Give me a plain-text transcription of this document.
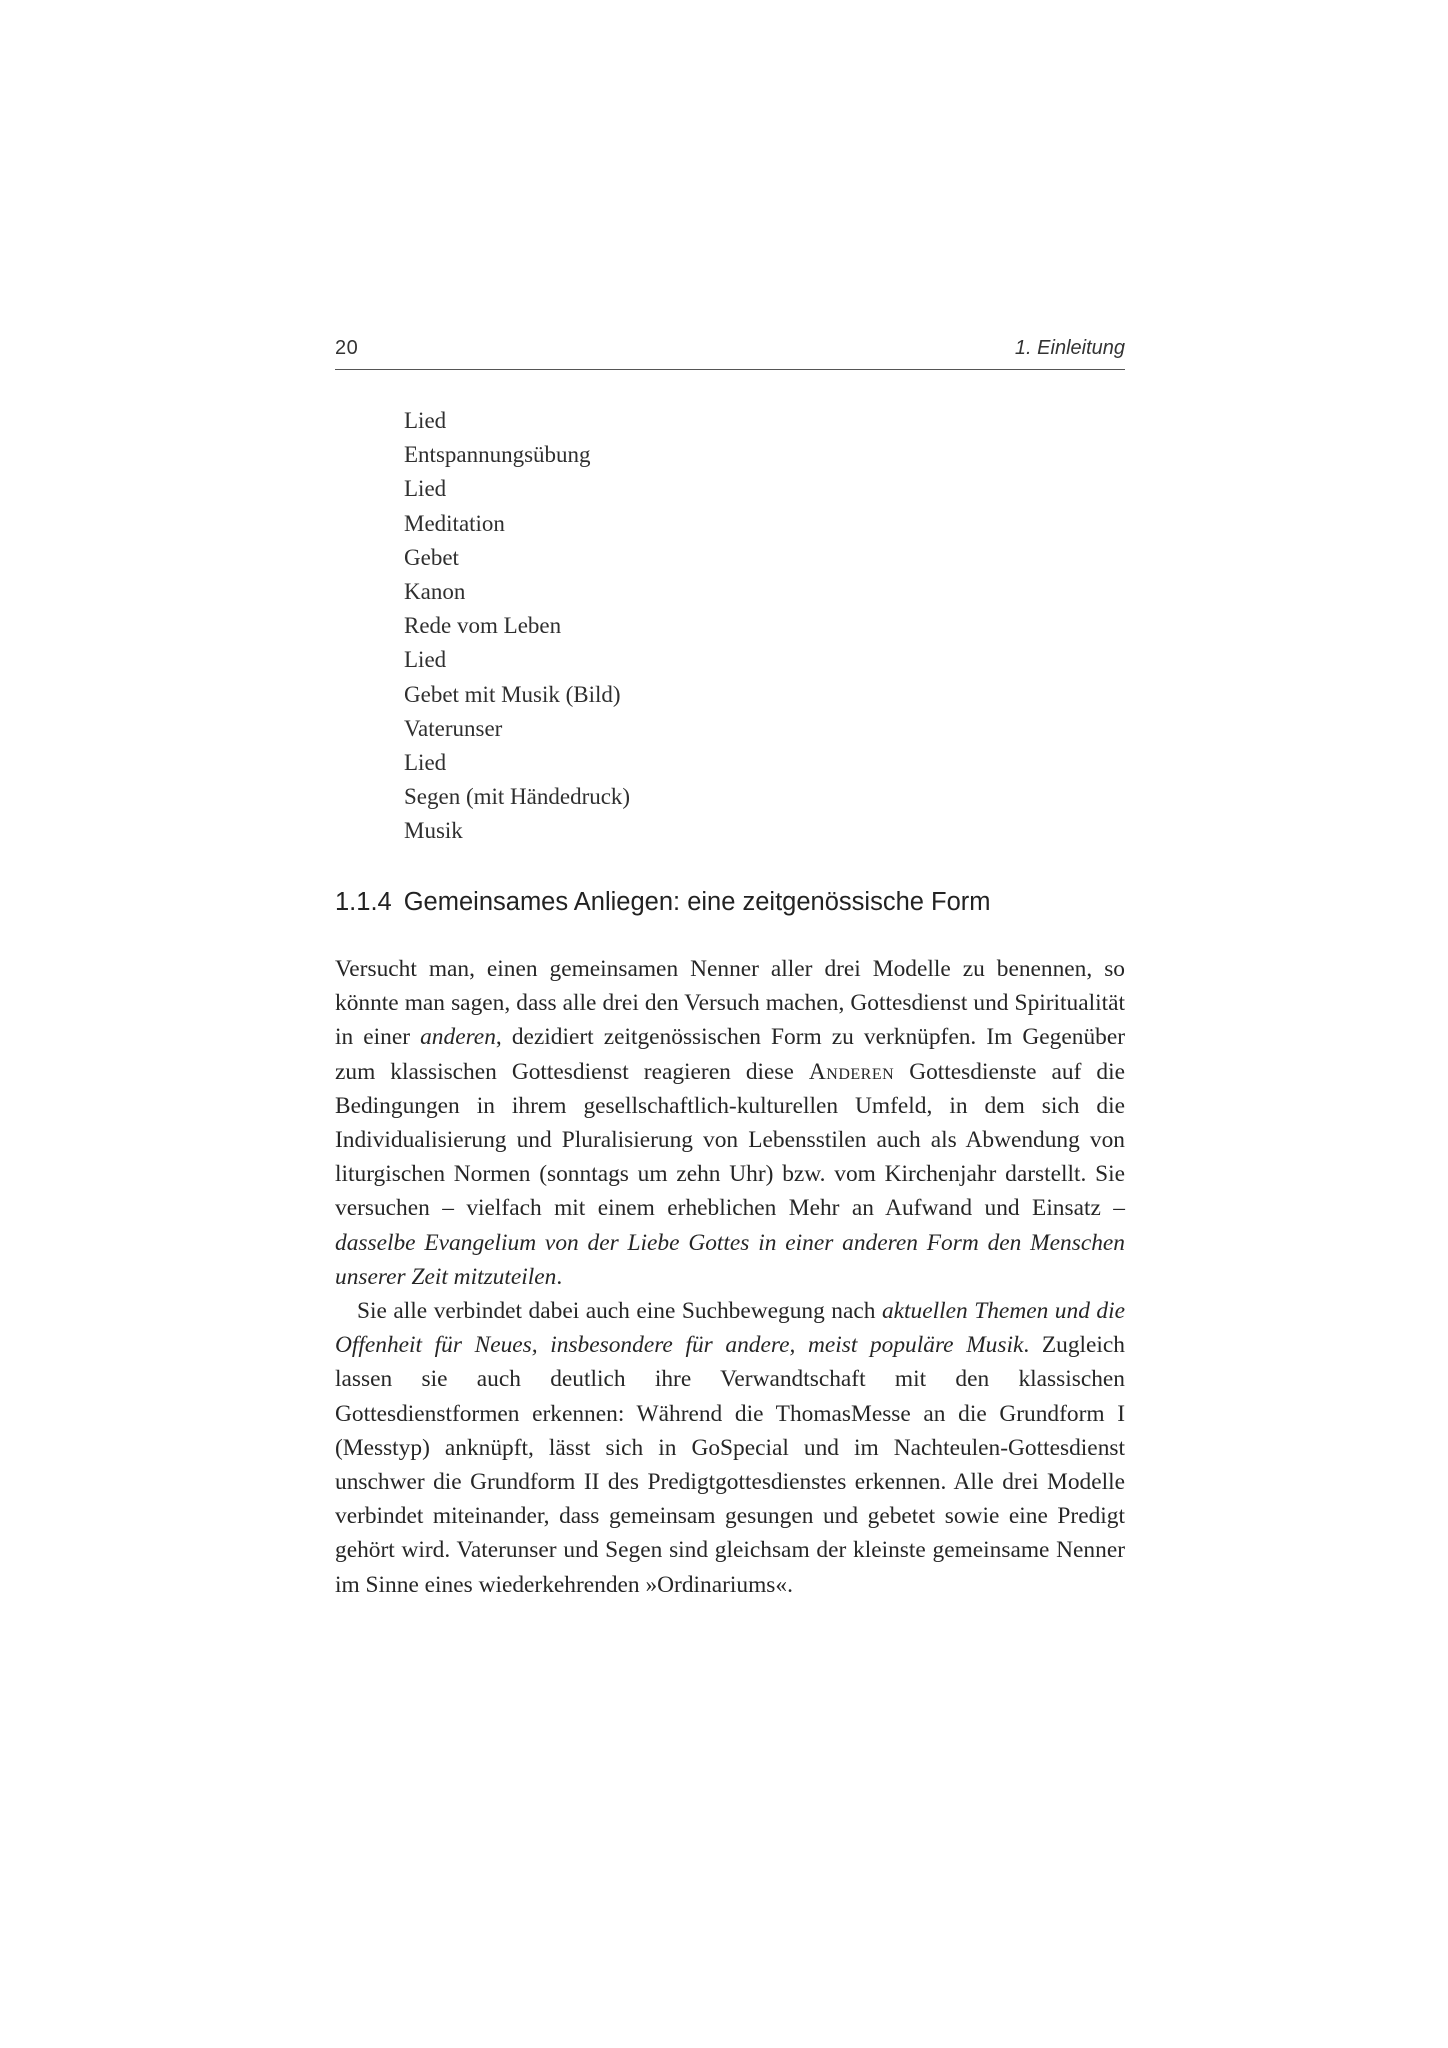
20	1. Einleitung
Lied
Entspannungsübung
Lied
Meditation
Gebet
Kanon
Rede vom Leben
Lied
Gebet mit Musik (Bild)
Vaterunser
Lied
Segen (mit Händedruck)
Musik
1.1.4 Gemeinsames Anliegen: eine zeitgenössische Form

Versucht man, einen gemeinsamen Nenner aller drei Modelle zu benennen, so könnte man sagen, dass alle drei den Versuch machen, Gottesdienst und Spiritualität in einer anderen, dezidiert zeitgenössischen Form zu verknüpfen. Im Gegenüber zum klassischen Gottesdienst reagieren diese Anderen Gottesdienste auf die Bedingungen in ihrem gesellschaftlich-kulturellen Umfeld, in dem sich die Individualisierung und Pluralisierung von Lebensstilen auch als Abwendung von liturgischen Normen (sonntags um zehn Uhr) bzw. vom Kirchenjahr darstellt. Sie versuchen – vielfach mit einem erheblichen Mehr an Aufwand und Einsatz – dasselbe Evangelium von der Liebe Gottes in einer anderen Form den Menschen unserer Zeit mitzuteilen.

Sie alle verbindet dabei auch eine Suchbewegung nach aktuellen Themen und die Offenheit für Neues, insbesondere für andere, meist populäre Musik. Zugleich lassen sie auch deutlich ihre Verwandtschaft mit den klassischen Gottesdienstformen erkennen: Während die ThomasMesse an die Grundform I (Messtyp) anknüpft, lässt sich in GoSpecial und im Nachteulen-Gottesdienst unschwer die Grundform II des Predigtgottesdienstes erkennen. Alle drei Modelle verbindet miteinander, dass gemeinsam gesungen und gebetet sowie eine Predigt gehört wird. Vaterunser und Segen sind gleichsam der kleinste gemeinsame Nenner im Sinne eines wiederkehrenden »Ordinariums«.
